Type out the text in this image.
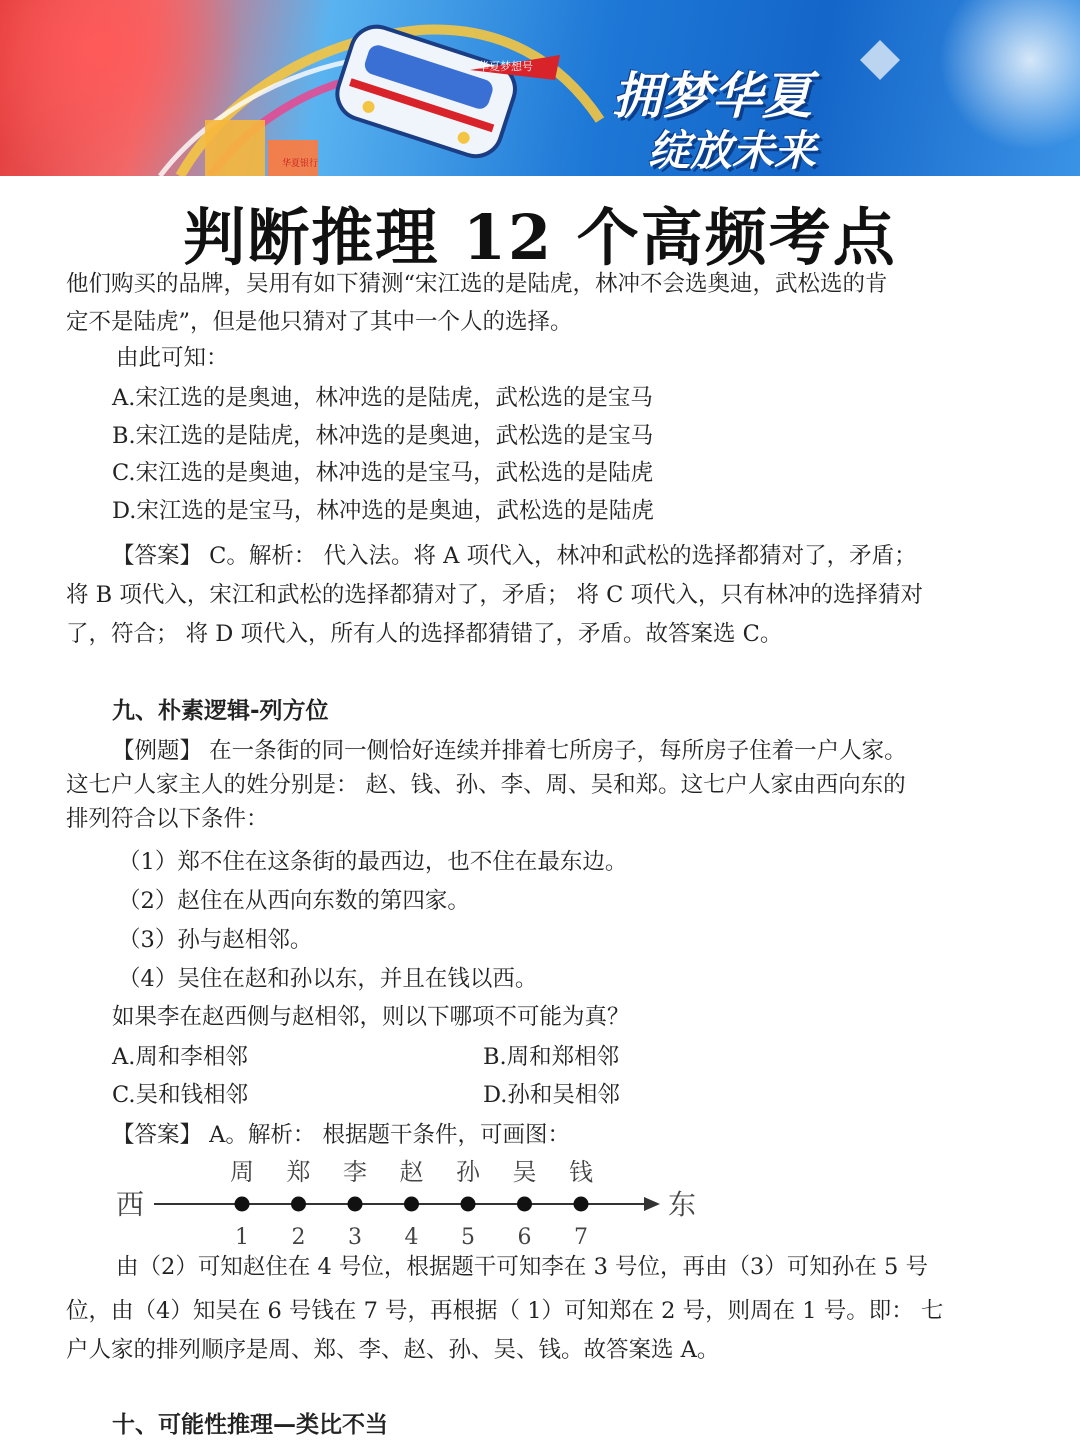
华夏梦想号
华夏银行
拥梦华夏
绽放未来
判断推理 12 个高频考点
他们购买的品牌，吴用有如下猜测“宋江选的是陆虎，林冲不会选奥迪，武松选的肯
定不是陆虎”，但是他只猜对了其中一个人的选择。
由此可知：
A.宋江选的是奥迪，林冲选的是陆虎，武松选的是宝马
B.宋江选的是陆虎，林冲选的是奥迪，武松选的是宝马
C.宋江选的是奥迪，林冲选的是宝马，武松选的是陆虎
D.宋江选的是宝马，林冲选的是奥迪，武松选的是陆虎
【答案】 C。解析： 代入法。将 A 项代入，林冲和武松的选择都猜对了，矛盾；
将 B 项代入，宋江和武松的选择都猜对了，矛盾； 将 C 项代入，只有林冲的选择猜对
了，符合； 将 D 项代入，所有人的选择都猜错了，矛盾。故答案选 C。
九、朴素逻辑-列方位
【例题】 在一条街的同一侧恰好连续并排着七所房子，每所房子住着一户人家。
这七户人家主人的姓分别是： 赵、钱、孙、李、周、吴和郑。这七户人家由西向东的
排列符合以下条件：
（1）郑不住在这条街的最西边，也不住在最东边。
（2）赵住在从西向东数的第四家。
（3）孙与赵相邻。
（4）吴住在赵和孙以东，并且在钱以西。
如果李在赵西侧与赵相邻，则以下哪项不可能为真？
A.周和李相邻	B.周和郑相邻
C.吴和钱相邻	D.孙和吴相邻
【答案】 A。解析： 根据题干条件，可画图：
西	东
周
1
郑
2
李
3
赵
4
孙
5
吴
6
钱
7
由（2）可知赵住在 4 号位，根据题干可知李在 3 号位，再由（3）可知孙在 5 号
位，由（4）知吴在 6 号钱在 7 号，再根据（ 1）可知郑在 2 号，则周在 1 号。即： 七
户人家的排列顺序是周、郑、李、赵、孙、吴、钱。故答案选 A。
十、可能性推理—类比不当
